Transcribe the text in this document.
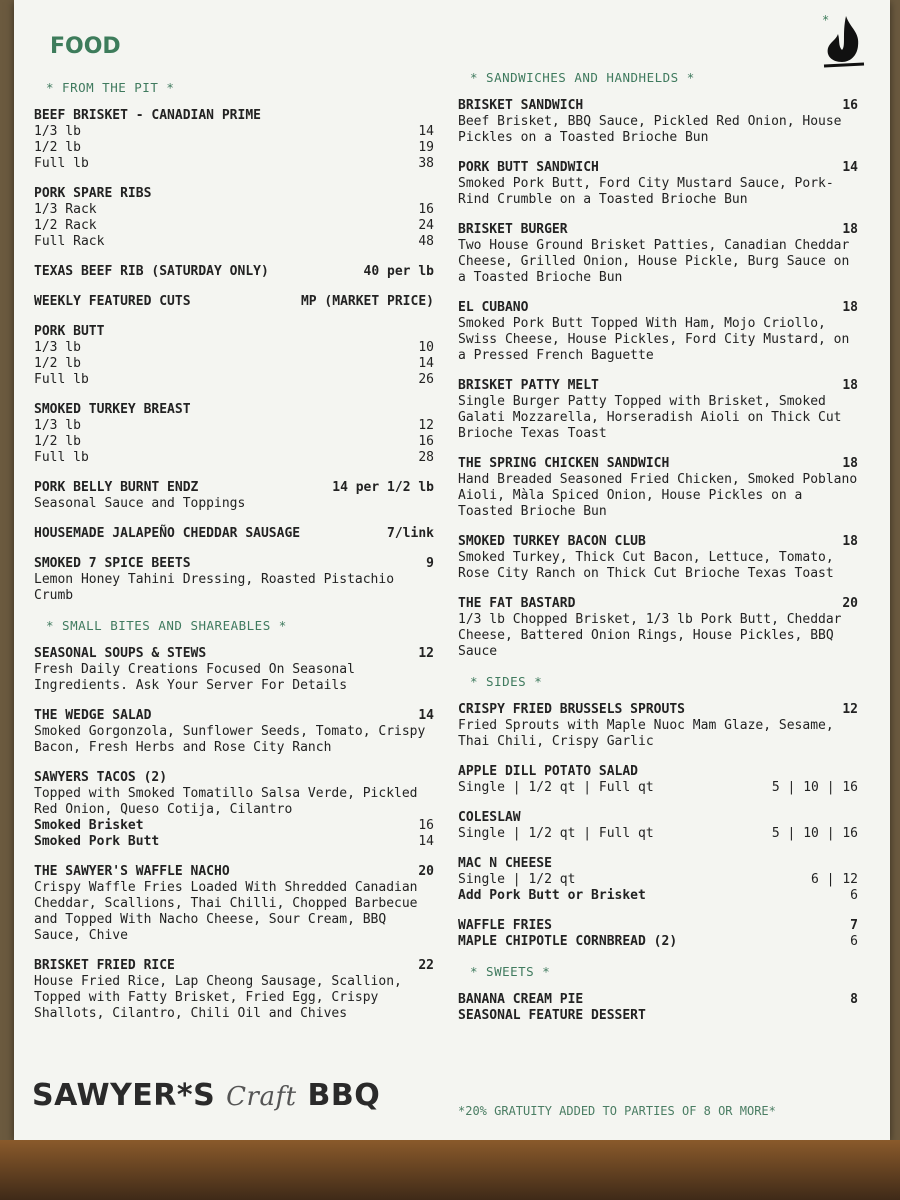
FOOD
*
* FROM THE PIT *
BEEF BRISKET - CANADIAN PRIME
1/3 lb	14
1/2 lb	19
Full lb	38
PORK SPARE RIBS
1/3 Rack	16
1/2 Rack	24
Full Rack	48
TEXAS BEEF RIB (SATURDAY ONLY)	40 per lb
WEEKLY FEATURED CUTS	MP (MARKET PRICE)
PORK BUTT
1/3 lb	10
1/2 lb	14
Full lb	26
SMOKED TURKEY BREAST
1/3 lb	12
1/2 lb	16
Full lb	28
PORK BELLY BURNT ENDZ	14 per 1/2 lb
Seasonal Sauce and Toppings
HOUSEMADE JALAPEÑO CHEDDAR SAUSAGE	7/link
SMOKED 7 SPICE BEETS	9
Lemon Honey Tahini Dressing, Roasted Pistachio Crumb
* SMALL BITES AND SHAREABLES *
SEASONAL SOUPS & STEWS	12
Fresh Daily Creations Focused On Seasonal Ingredients. Ask Your Server For Details
THE WEDGE SALAD	14
Smoked Gorgonzola, Sunflower Seeds, Tomato, Crispy Bacon, Fresh Herbs and Rose City Ranch
SAWYERS TACOS (2)
Topped with Smoked Tomatillo Salsa Verde, Pickled Red Onion, Queso Cotija, Cilantro
Smoked Brisket	16
Smoked Pork Butt	14
THE SAWYER'S WAFFLE NACHO	20
Crispy Waffle Fries Loaded With Shredded Canadian Cheddar, Scallions, Thai Chilli, Chopped Barbecue and Topped With Nacho Cheese, Sour Cream, BBQ Sauce, Chive
BRISKET FRIED RICE	22
House Fried Rice, Lap Cheong Sausage, Scallion, Topped with Fatty Brisket, Fried Egg, Crispy Shallots, Cilantro, Chili Oil and Chives
* SANDWICHES AND HANDHELDS *
BRISKET SANDWICH	16
Beef Brisket, BBQ Sauce, Pickled Red Onion, House Pickles on a Toasted Brioche Bun
PORK BUTT SANDWICH	14
Smoked Pork Butt, Ford City Mustard Sauce, Pork-Rind Crumble on a Toasted Brioche Bun
BRISKET BURGER	18
Two House Ground Brisket Patties, Canadian Cheddar Cheese, Grilled Onion, House Pickle, Burg Sauce on a Toasted Brioche Bun
EL CUBANO	18
Smoked Pork Butt Topped With Ham, Mojo Criollo, Swiss Cheese, House Pickles, Ford City Mustard, on a Pressed French Baguette
BRISKET PATTY MELT	18
Single Burger Patty Topped with Brisket, Smoked Galati Mozzarella, Horseradish Aioli on Thick Cut Brioche Texas Toast
THE SPRING CHICKEN SANDWICH	18
Hand Breaded Seasoned Fried Chicken, Smoked Poblano Aioli, Màla Spiced Onion, House Pickles on a Toasted Brioche Bun
SMOKED TURKEY BACON CLUB	18
Smoked Turkey, Thick Cut Bacon, Lettuce, Tomato, Rose City Ranch on Thick Cut Brioche Texas Toast
THE FAT BASTARD	20
1/3 lb Chopped Brisket, 1/3 lb Pork Butt, Cheddar Cheese, Battered Onion Rings, House Pickles, BBQ Sauce
* SIDES *
CRISPY FRIED BRUSSELS SPROUTS	12
Fried Sprouts with Maple Nuoc Mam Glaze, Sesame, Thai Chili, Crispy Garlic
APPLE DILL POTATO SALAD
Single | 1/2 qt | Full qt	5 | 10 | 16
COLESLAW
Single | 1/2 qt | Full qt	5 | 10 | 16
MAC N CHEESE
Single | 1/2 qt	6 | 12
Add Pork Butt or Brisket	6
WAFFLE FRIES	7
MAPLE CHIPOTLE CORNBREAD (2)	6
* SWEETS *
BANANA CREAM PIE	8
SEASONAL FEATURE DESSERT
SAWYER*S Craft BBQ	*20% GRATUITY ADDED TO PARTIES OF 8 OR MORE*
